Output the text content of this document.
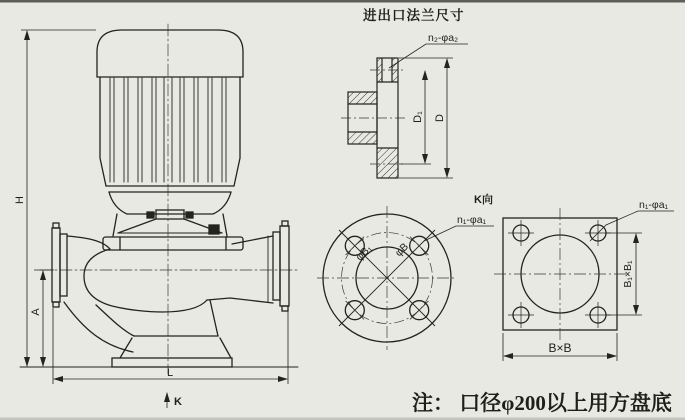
H
A
L
K
进出口法兰尺寸
n₂-φa₂
D₁ D
K向
n₁-φa₁
φB₁ φB
n₁-φa₁
B₁×B₁
B×B
注： 口径φ200以上用方盘底
